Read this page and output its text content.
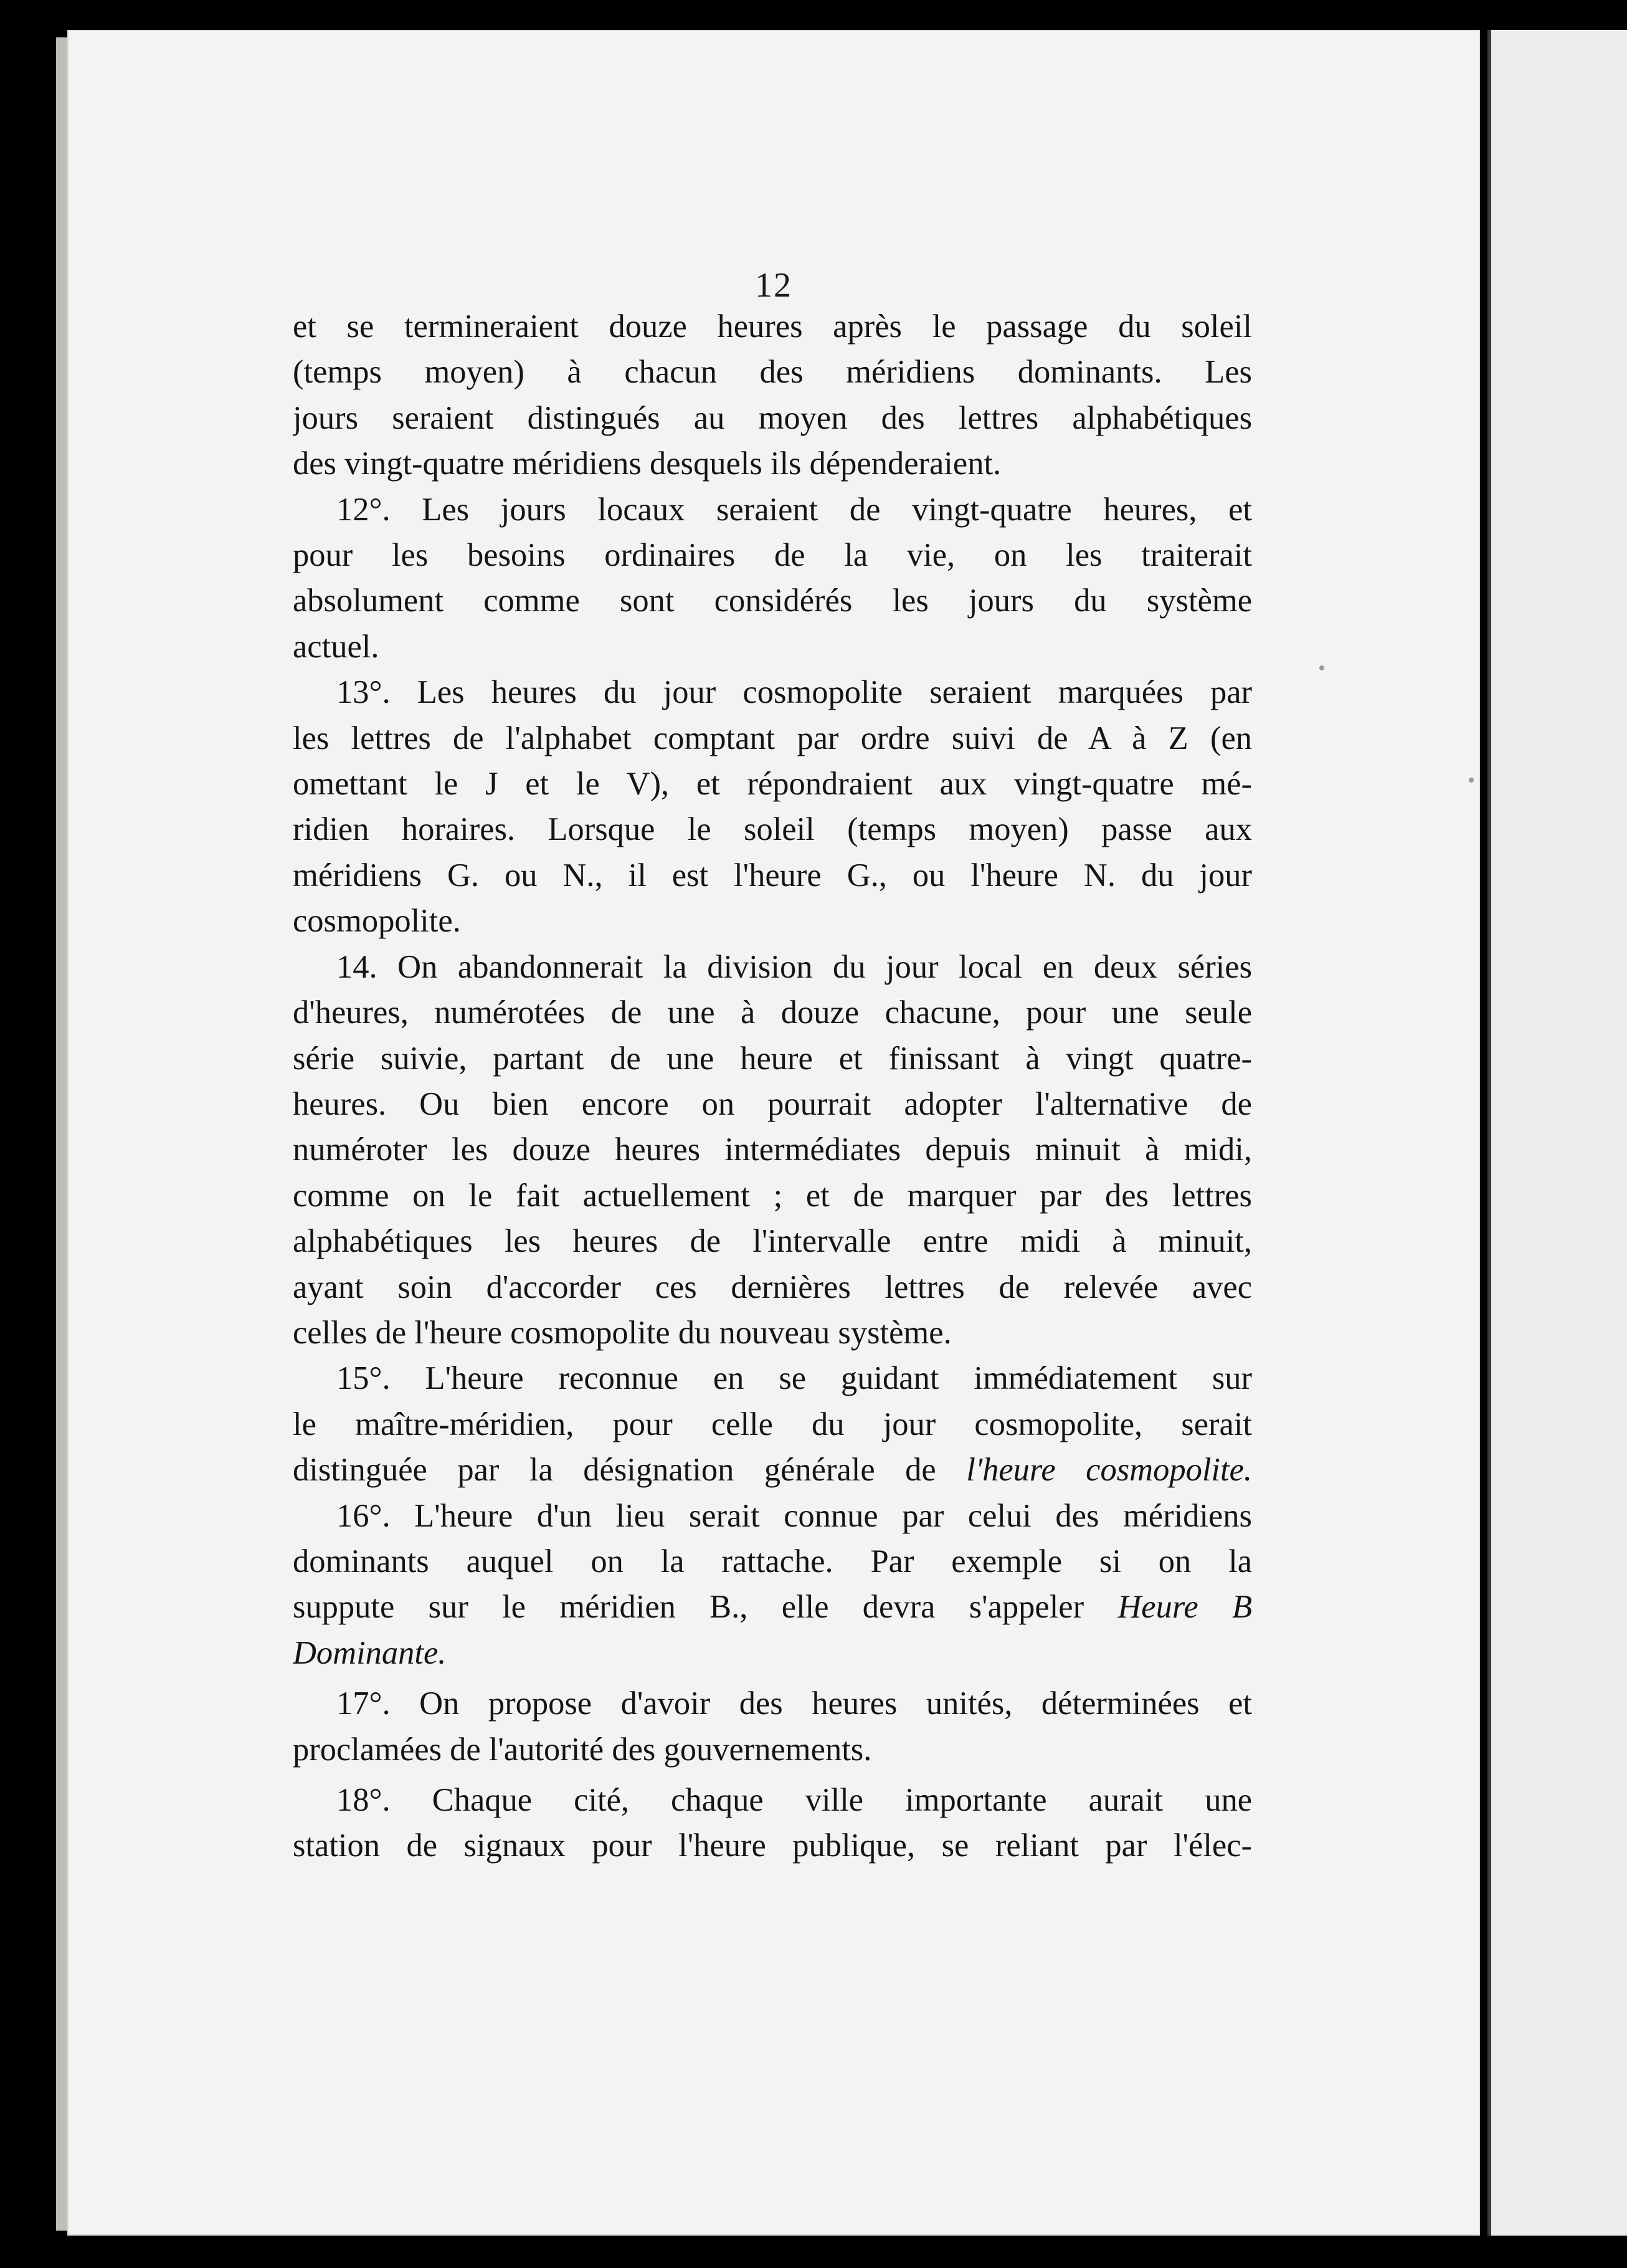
12
et se termineraient douze heures après le passage du soleil
(temps moyen) à chacun des méridiens dominants. Les
jours seraient distingués au moyen des lettres alphabétiques
des vingt-quatre méridiens desquels ils dépenderaient.
12°. Les jours locaux seraient de vingt-quatre heures, et
pour les besoins ordinaires de la vie, on les traiterait
absolument comme sont considérés les jours du système
actuel.
13°. Les heures du jour cosmopolite seraient marquées par
les lettres de l'alphabet comptant par ordre suivi de A à Z (en
omettant le J et le V), et répondraient aux vingt-quatre mé-
ridien horaires. Lorsque le soleil (temps moyen) passe aux
méridiens G. ou N., il est l'heure G., ou l'heure N. du jour
cosmopolite.
14. On abandonnerait la division du jour local en deux séries
d'heures, numérotées de une à douze chacune, pour une seule
série suivie, partant de une heure et finissant à vingt quatre-
heures. Ou bien encore on pourrait adopter l'alternative de
numéroter les douze heures intermédiates depuis minuit à midi,
comme on le fait actuellement ; et de marquer par des lettres
alphabétiques les heures de l'intervalle entre midi à minuit,
ayant soin d'accorder ces dernières lettres de relevée avec
celles de l'heure cosmopolite du nouveau système.
15°. L'heure reconnue en se guidant immédiatement sur
le maître-méridien, pour celle du jour cosmopolite, serait
distinguée par la désignation générale de l'heure cosmopolite.
16°. L'heure d'un lieu serait connue par celui des méridiens
dominants auquel on la rattache. Par exemple si on la
suppute sur le méridien B., elle devra s'appeler Heure B
Dominante.
17°. On propose d'avoir des heures unités, déterminées et
proclamées de l'autorité des gouvernements.
18°. Chaque cité, chaque ville importante aurait une
station de signaux pour l'heure publique, se reliant par l'élec-
